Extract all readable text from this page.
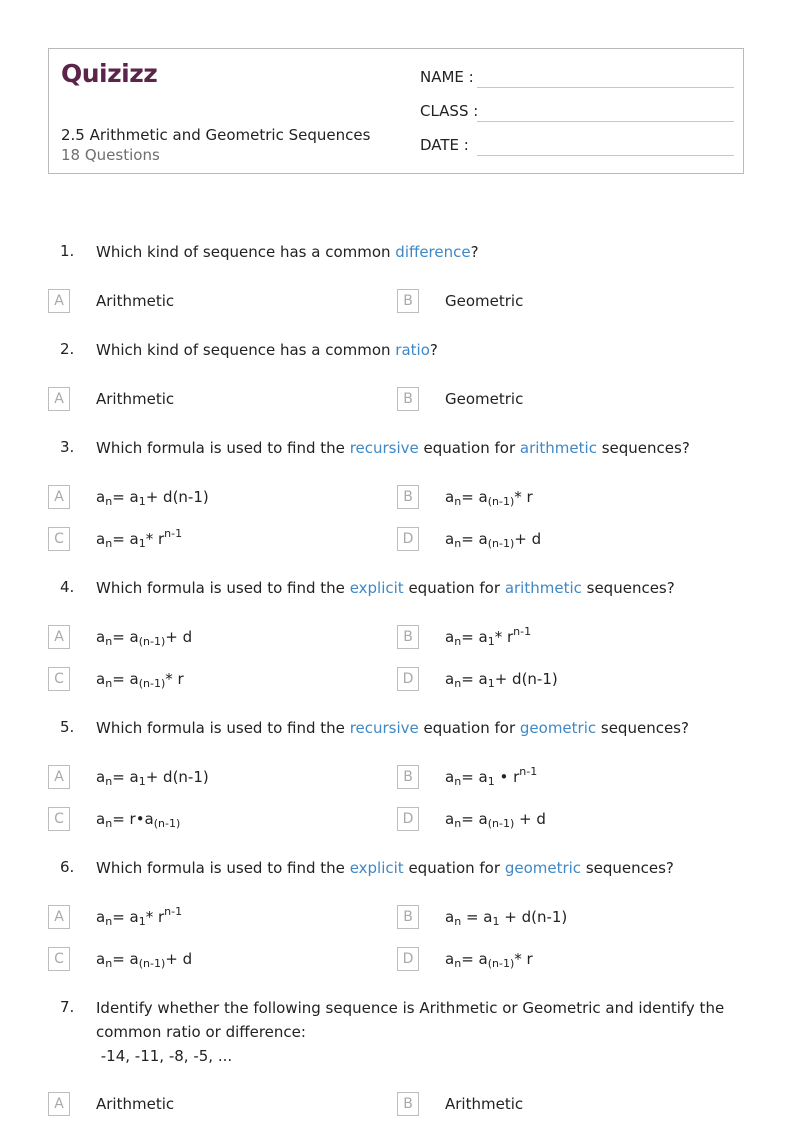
Quizizz
2.5 Arithmetic and Geometric Sequences
18 Questions
NAME :
CLASS :
DATE :
1. Which kind of sequence has a common difference?
2. Which kind of sequence has a common ratio?
3. Which formula is used to find the recursive equation for arithmetic sequences?
4. Which formula is used to find the explicit equation for arithmetic sequences?
5. Which formula is used to find the recursive equation for geometric sequences?
6. Which formula is used to find the explicit equation for geometric sequences?
7. Identify whether the following sequence is Arithmetic or Geometric and identify the common ratio or difference:
-14, -11, -8, -5, ...
A	Arithmetic	B	Geometric
A	Arithmetic	B	Geometric
A	$a_n= a_1+ d(n-1)$	B	$a_n= a_{(n-1)}*$ r
C	$a_n= a_1*$ $r^{n-1}$	D	$a_n= a_{(n-1)}+ d$
A	$a_n= a_{(n-1)}+ d$	B	$a_n= a_1*$ $r^{n-1}$
C	$a_n= a_{(n-1)}*$ r	D	$a_n= a_1+ d(n-1)$
A	$a_n= a_1+ d(n-1)$	B	$a_n= a_1$ • $r^{n-1}$
C	$a_n=$ $r•a_{(n-1)}$	D	$a_n= a_{(n-1)} + d$
A	$a_n= a_1*$ $r^{n-1}$	B	$a_n = a_1 + d(n-1)$
C	$a_n= a_{(n-1)}+ d$	D	$a_n= a_{(n-1)}*$ r
A	Arithmetic	B	Arithmetic
